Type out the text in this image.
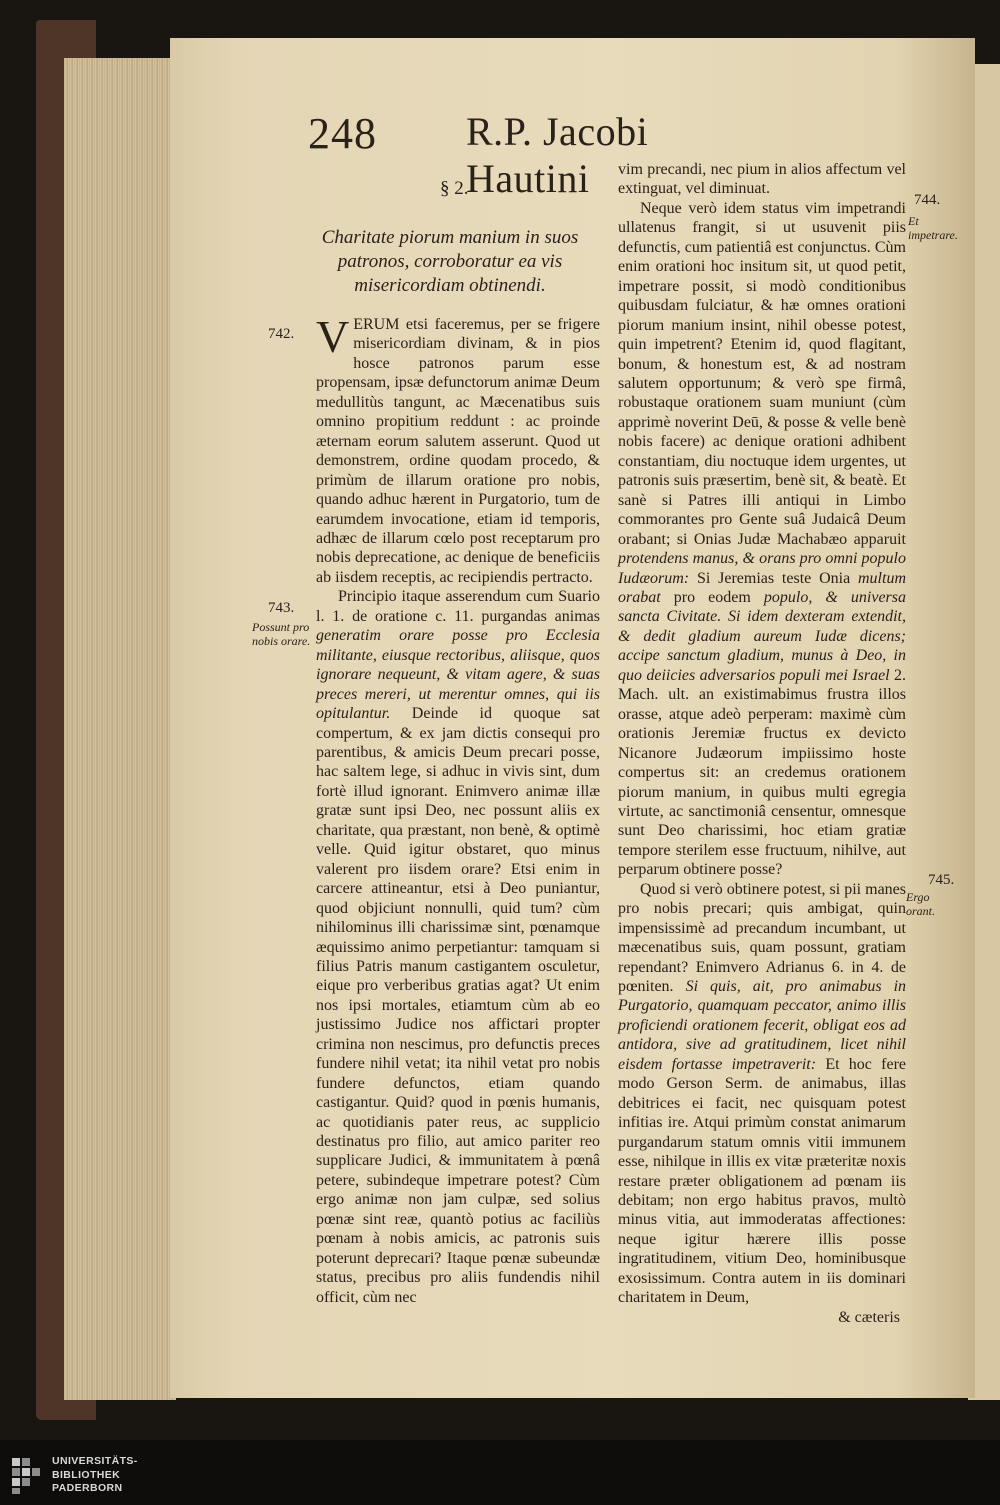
248 R.P. Jacobi Hautini
§ 2.
Charitate piorum manium in suos patronos, corroboratur ea vis misericordiam obtinendi.
742.
743.
Possunt pro nobis orare.
744.
Et impetrare.
745.
Ergo orant.

VERUM etsi faceremus, per se frigere misericordiam divinam, & in pios hosce patronos parum esse propensam, ipsæ defunctorum animæ Deum medullitùs tangunt, ac Mæcenatibus suis omnino propitium reddunt : ac proinde æternam eorum salutem asserunt. Quod ut demonstrem, ordine quodam procedo, & primùm de illarum oratione pro nobis, quando adhuc hærent in Purgatorio, tum de earumdem invocatione, etiam id temporis, adhæc de illarum cœlo post receptarum pro nobis deprecatione, ac denique de beneficiis ab iisdem receptis, ac recipiendis pertracto.

Principio itaque asserendum cum Suario l. 1. de oratione c. 11. purgandas animas generatim orare posse pro Ecclesia militante, eiusque rectoribus, aliisque, quos ignorare nequeunt, & vitam agere, & suas preces mereri, ut merentur omnes, qui iis opitulantur. Deinde id quoque sat compertum, & ex jam dictis consequi pro parentibus, & amicis Deum precari posse, hac saltem lege, si adhuc in vivis sint, dum fortè illud ignorant. Enimvero animæ illæ gratæ sunt ipsi Deo, nec possunt aliis ex charitate, qua præstant, non benè, & optimè velle. Quid igitur obstaret, quo minus valerent pro iisdem orare? Etsi enim in carcere attineantur, etsi à Deo puniantur, quod objiciunt nonnulli, quid tum? cùm nihilominus illi charissimæ sint, pœnamque æquissimo animo perpetiantur: tamquam si filius Patris manum castigantem osculetur, eique pro verberibus gratias agat? Ut enim nos ipsi mortales, etiamtum cùm ab eo justissimo Judice nos affictari propter crimina non nescimus, pro defunctis preces fundere nihil vetat; ita nihil vetat pro nobis fundere defunctos, etiam quando castigantur. Quid? quod in pœnis humanis, ac quotidianis pater reus, ac supplicio destinatus pro filio, aut amico pariter reo supplicare Judici, & immunitatem à pœnâ petere, subindeque impetrare potest? Cùm ergo animæ non jam culpæ, sed solius pœnæ sint reæ, quantò potius ac faciliùs pœnam à nobis amicis, ac patronis suis poterunt deprecari? Itaque pœnæ subeundæ status, precibus pro aliis fundendis nihil officit, cùm nec

vim precandi, nec pium in alios affectum vel extinguat, vel diminuat.

Neque verò idem status vim impetrandi ullatenus frangit, si ut usuvenit piis defunctis, cum patientiâ est conjunctus. Cùm enim orationi hoc insitum sit, ut quod petit, impetrare possit, si modò conditionibus quibusdam fulciatur, & hæ omnes orationi piorum manium insint, nihil obesse potest, quin impetrent? Etenim id, quod flagitant, bonum, & honestum est, & ad nostram salutem opportunum; & verò spe firmâ, robustaque orationem suam muniunt (cùm apprimè noverint Deū, & posse & velle benè nobis facere) ac denique orationi adhibent constantiam, diu noctuque idem urgentes, ut patronis suis præsertim, benè sit, & beatè. Et sanè si Patres illi antiqui in Limbo commorantes pro Gente suâ Judaicâ Deum orabant; si Onias Judæ Machabæo apparuit protendens manus, & orans pro omni populo Iudæorum: Si Jeremias teste Onia multum orabat pro eodem populo, & universa sancta Civitate. Si idem dexteram extendit, & dedit gladium aureum Iudæ dicens; accipe sanctum gladium, munus à Deo, in quo deiicies adversarios populi mei Israel 2. Mach. ult. an existimabimus frustra illos orasse, atque adeò perperam: maximè cùm orationis Jeremiæ fructus ex devicto Nicanore Judæorum impiissimo hoste compertus sit: an credemus orationem piorum manium, in quibus multi egregia virtute, ac sanctimoniâ censentur, omnesque sunt Deo charissimi, hoc etiam gratiæ tempore sterilem esse fructuum, nihilve, aut perparum obtinere posse?

Quod si verò obtinere potest, si pii manes pro nobis precari; quis ambigat, quin impensissimè ad precandum incumbant, ut mæcenatibus suis, quam possunt, gratiam rependant? Enimvero Adrianus 6. in 4. de pœniten. Si quis, ait, pro animabus in Purgatorio, quamquam peccator, animo illis proficiendi orationem fecerit, obligat eos ad antidora, sive ad gratitudinem, licet nihil eisdem fortasse impetraverit: Et hoc fere modo Gerson Serm. de animabus, illas debitrices ei facit, nec quisquam potest infitias ire. Atqui primùm constat animarum purgandarum statum omnis vitii immunem esse, nihilque in illis ex vitæ præteritæ noxis restare præter obligationem ad pœnam iis debitam; non ergo habitus pravos, multò minus vitia, aut immoderatas affectiones: neque igitur hærere illis posse ingratitudinem, vitium Deo, hominibusque exosissimum. Contra autem in iis dominari charitatem in Deum,

& cæteris

UNIVERSITÄTS-
BIBLIOTHEK
PADERBORN
